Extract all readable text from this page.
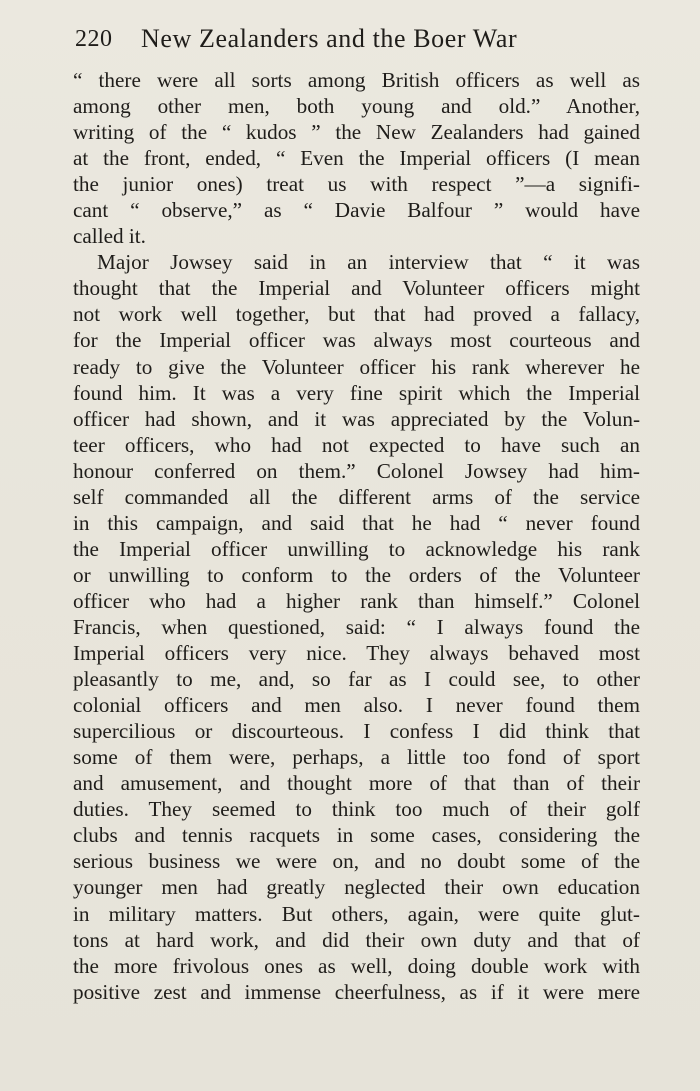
220 New Zealanders and the Boer War
“ there were all sorts among British officers as well as
among other men, both young and old.” Another,
writing of the “ kudos ” the New Zealanders had gained
at the front, ended, “ Even the Imperial officers (I mean
the junior ones) treat us with respect ”—a signifi-
cant “ observe,” as “ Davie Balfour ” would have
called it.
Major Jowsey said in an interview that “ it was
thought that the Imperial and Volunteer officers might
not work well together, but that had proved a fallacy,
for the Imperial officer was always most courteous and
ready to give the Volunteer officer his rank wherever he
found him. It was a very fine spirit which the Imperial
officer had shown, and it was appreciated by the Volun-
teer officers, who had not expected to have such an
honour conferred on them.” Colonel Jowsey had him-
self commanded all the different arms of the service
in this campaign, and said that he had “ never found
the Imperial officer unwilling to acknowledge his rank
or unwilling to conform to the orders of the Volunteer
officer who had a higher rank than himself.” Colonel
Francis, when questioned, said: “ I always found the
Imperial officers very nice. They always behaved most
pleasantly to me, and, so far as I could see, to other
colonial officers and men also. I never found them
supercilious or discourteous. I confess I did think that
some of them were, perhaps, a little too fond of sport
and amusement, and thought more of that than of their
duties. They seemed to think too much of their golf
clubs and tennis racquets in some cases, considering the
serious business we were on, and no doubt some of the
younger men had greatly neglected their own education
in military matters. But others, again, were quite glut-
tons at hard work, and did their own duty and that of
the more frivolous ones as well, doing double work with
positive zest and immense cheerfulness, as if it were mere
